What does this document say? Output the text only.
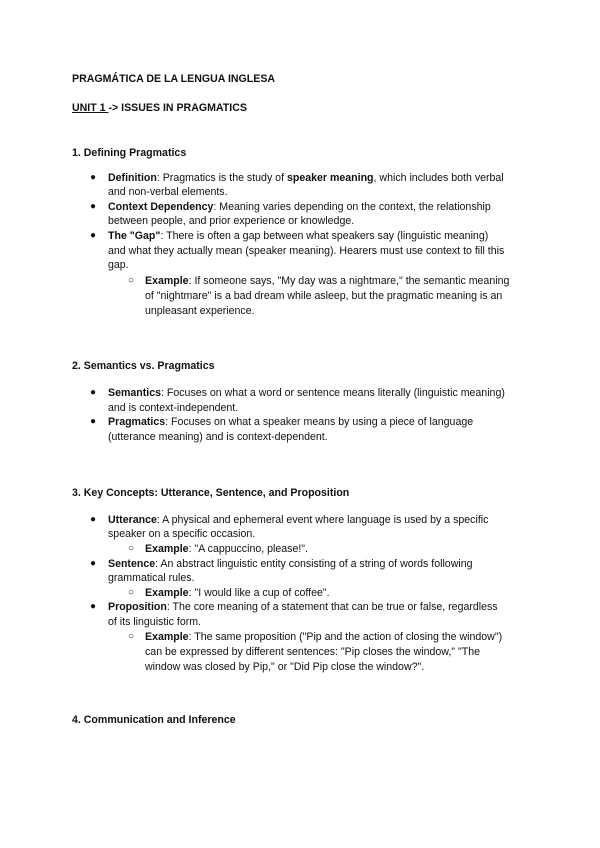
PRAGMÁTICA DE LA LENGUA INGLESA
UNIT 1 -> ISSUES IN PRAGMATICS
1. Defining Pragmatics
● Definition: Pragmatics is the study of speaker meaning, which includes both verbal
and non-verbal elements.
● Context Dependency: Meaning varies depending on the context, the relationship
between people, and prior experience or knowledge.
● The "Gap": There is often a gap between what speakers say (linguistic meaning)
and what they actually mean (speaker meaning). Hearers must use context to fill this
gap.
○ Example: If someone says, "My day was a nightmare," the semantic meaning
of "nightmare" is a bad dream while asleep, but the pragmatic meaning is an
unpleasant experience.
2. Semantics vs. Pragmatics
● Semantics: Focuses on what a word or sentence means literally (linguistic meaning)
and is context-independent.
● Pragmatics: Focuses on what a speaker means by using a piece of language
(utterance meaning) and is context-dependent.
3. Key Concepts: Utterance, Sentence, and Proposition
● Utterance: A physical and ephemeral event where language is used by a specific
speaker on a specific occasion.
○ Example: "A cappuccino, please!".
● Sentence: An abstract linguistic entity consisting of a string of words following
grammatical rules.
○ Example: "I would like a cup of coffee".
● Proposition: The core meaning of a statement that can be true or false, regardless
of its linguistic form.
○ Example: The same proposition ("Pip and the action of closing the window")
can be expressed by different sentences: "Pip closes the window," "The
window was closed by Pip," or "Did Pip close the window?".
4. Communication and Inference
